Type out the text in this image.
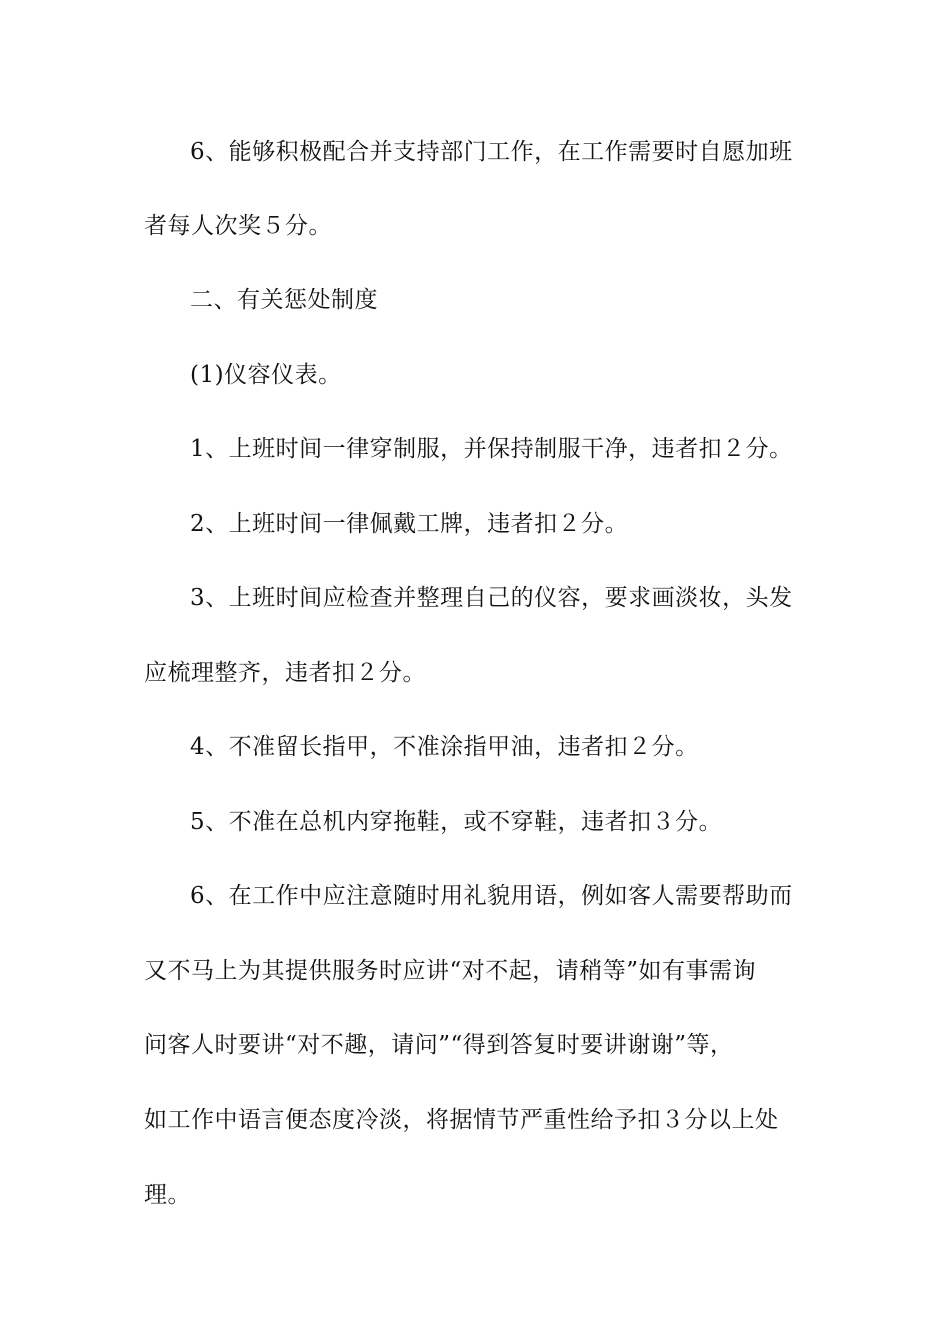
6、能够积极配合并支持部门工作，在工作需要时自愿加班
者每人次奖５分。
二、有关惩处制度
(1)仪容仪表。
1、上班时间一律穿制服，并保持制服干净，违者扣２分。
2、上班时间一律佩戴工牌，违者扣２分。
3、上班时间应检查并整理自己的仪容，要求画淡妆，头发
应梳理整齐，违者扣２分。
4、不准留长指甲，不准涂指甲油，违者扣２分。
5、不准在总机内穿拖鞋，或不穿鞋，违者扣３分。
6、在工作中应注意随时用礼貌用语，例如客人需要帮助而
又不马上为其提供服务时应讲“对不起，请稍等”如有事需询
问客人时要讲“对不趣，请问”“得到答复时要讲谢谢”等，
如工作中语言便态度冷淡，将据情节严重性给予扣３分以上处
理。
